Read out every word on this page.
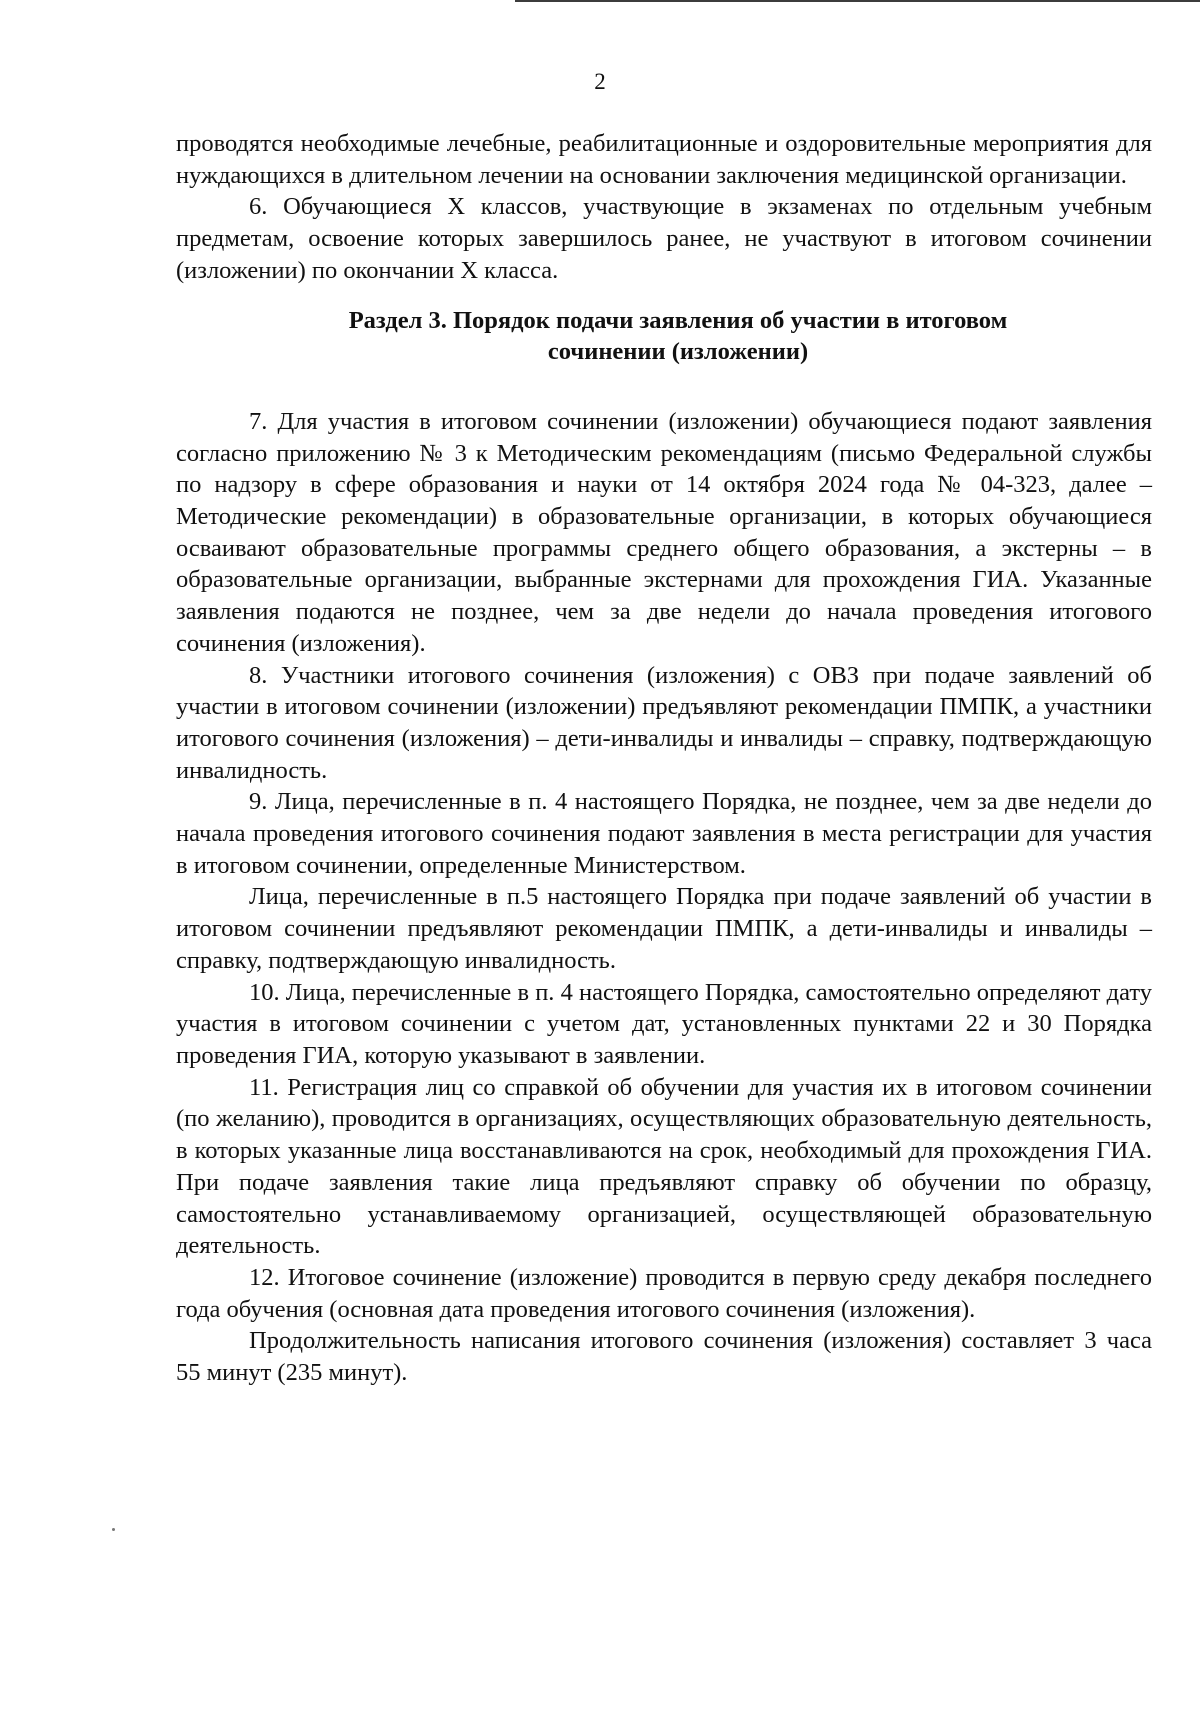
2

проводятся необходимые лечебные, реабилитационные и оздоровительные мероприятия для нуждающихся в длительном лечении на основании заключения медицинской организации.

6. Обучающиеся X классов, участвующие в экзаменах по отдельным учебным предметам, освоение которых завершилось ранее, не участвуют в итоговом сочинении (изложении) по окончании X класса.

Раздел 3. Порядок подачи заявления об участии в итоговом
сочинении (изложении)

7. Для участия в итоговом сочинении (изложении) обучающиеся подают заявления согласно приложению № 3 к Методическим рекомендациям (письмо Федеральной службы по надзору в сфере образования и науки от 14 октября 2024 года № 04-323, далее – Методические рекомендации) в образовательные организации, в которых обучающиеся осваивают образовательные программы среднего общего образования, а экстерны – в образовательные организации, выбранные экстернами для прохождения ГИА. Указанные заявления подаются не позднее, чем за две недели до начала проведения итогового сочинения (изложения).

8. Участники итогового сочинения (изложения) с ОВЗ при подаче заявлений об участии в итоговом сочинении (изложении) предъявляют рекомендации ПМПК, а участники итогового сочинения (изложения) – дети-инвалиды и инвалиды – справку, подтверждающую инвалидность.

9. Лица, перечисленные в п. 4 настоящего Порядка, не позднее, чем за две недели до начала проведения итогового сочинения подают заявления в места регистрации для участия в итоговом сочинении, определенные Министерством.

Лица, перечисленные в п.5 настоящего Порядка при подаче заявлений об участии в итоговом сочинении предъявляют рекомендации ПМПК, а дети-инвалиды и инвалиды – справку, подтверждающую инвалидность.

10. Лица, перечисленные в п. 4 настоящего Порядка, самостоятельно определяют дату участия в итоговом сочинении с учетом дат, установленных пунктами 22 и 30 Порядка проведения ГИА, которую указывают в заявлении.

11. Регистрация лиц со справкой об обучении для участия их в итоговом сочинении (по желанию), проводится в организациях, осуществляющих образовательную деятельность, в которых указанные лица восстанавливаются на срок, необходимый для прохождения ГИА. При подаче заявления такие лица предъявляют справку об обучении по образцу, самостоятельно устанавливаемому организацией, осуществляющей образовательную деятельность.

12. Итоговое сочинение (изложение) проводится в первую среду декабря последнего года обучения (основная дата проведения итогового сочинения (изложения).

Продолжительность написания итогового сочинения (изложения) составляет 3 часа 55 минут (235 минут).
